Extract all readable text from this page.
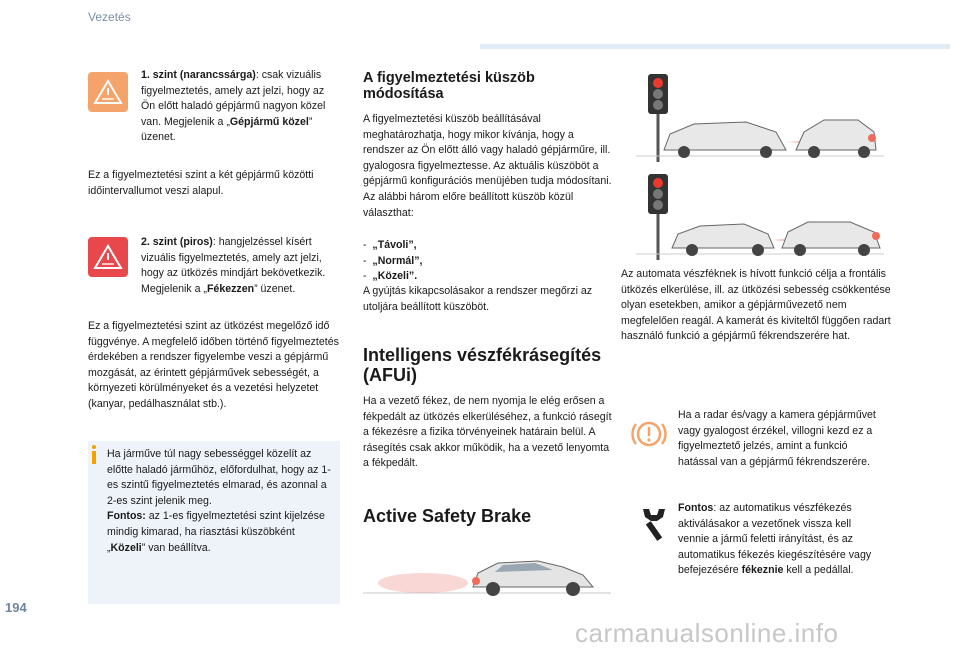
Vezetés
1. szint (narancssárga): csak vizuális figyelmeztetés, amely azt jelzi, hogy az Ön előtt haladó gépjármű nagyon közel van. Megjelenik a „Gépjármű közel” üzenet.
Ez a figyelmeztetési szint a két gépjármű közötti időintervallumot veszi alapul.
2. szint (piros): hangjelzéssel kísért vizuális figyelmeztetés, amely azt jelzi, hogy az ütközés mindjárt bekövetkezik. Megjelenik a „Fékezzen” üzenet.
Ez a figyelmeztetési szint az ütközést megelőző idő függvénye. A megfelelő időben történő figyelmeztetés érdekében a rendszer figyelembe veszi a gépjármű mozgását, az érintett gépjárművek sebességét, a környezeti körülményeket és a vezetési helyzetet (kanyar, pedálhasználat stb.).
Ha járműve túl nagy sebességgel közelít az előtte haladó járműhöz, előfordulhat, hogy az 1-es szintű figyelmeztetés elmarad, és azonnal a 2-es szint jelenik meg.
Fontos: az 1-es figyelmeztetési szint kijelzése mindig kimarad, ha riasztási küszöbként „Közeli” van beállítva.
A figyelmeztetési küszöb módosítása
A figyelmeztetési küszöb beállításával meghatározhatja, hogy mikor kívánja, hogy a rendszer az Ön előtt álló vagy haladó gépjárműre, ill. gyalogosra figyelmeztesse. Az aktuális küszöböt a gépjármű konfigurációs menüjében tudja módosítani. Az alábbi három előre beállított küszöb közül választhat:
-  „Távoli”,
-  „Normál”,
-  „Közeli”.
A gyújtás kikapcsolásakor a rendszer megőrzi az utoljára beállított küszöböt.
Intelligens vészfékrásegítés (AFUi)
Ha a vezető fékez, de nem nyomja le elég erősen a fékpedált az ütközés elkerüléséhez, a funkció rásegít a fékezésre a fizika törvényeinek határain belül. A rásegítés csak akkor működik, ha a vezető lenyomta a fékpedált.
Active Safety Brake
Az automata vészféknek is hívott funkció célja a frontális ütközés elkerülése, ill. az ütközési sebesség csökkentése olyan esetekben, amikor a gépjárművezető nem megfelelően reagál. A kamerát és kiviteltől függően radart használó funkció a gépjármű fékrendszerére hat.
Ha a radar és/vagy a kamera gépjárművet vagy gyalogost érzékel, villogni kezd ez a figyelmeztető jelzés, amint a funkció hatással van a gépjármű fékrendszerére.
Fontos: az automatikus vészfékezés aktiválásakor a vezetőnek vissza kell vennie a jármű feletti irányítást, és az automatikus fékezés kiegészítésére vagy befejezésére fékeznie kell a pedállal.
194
carmanualsonline.info
